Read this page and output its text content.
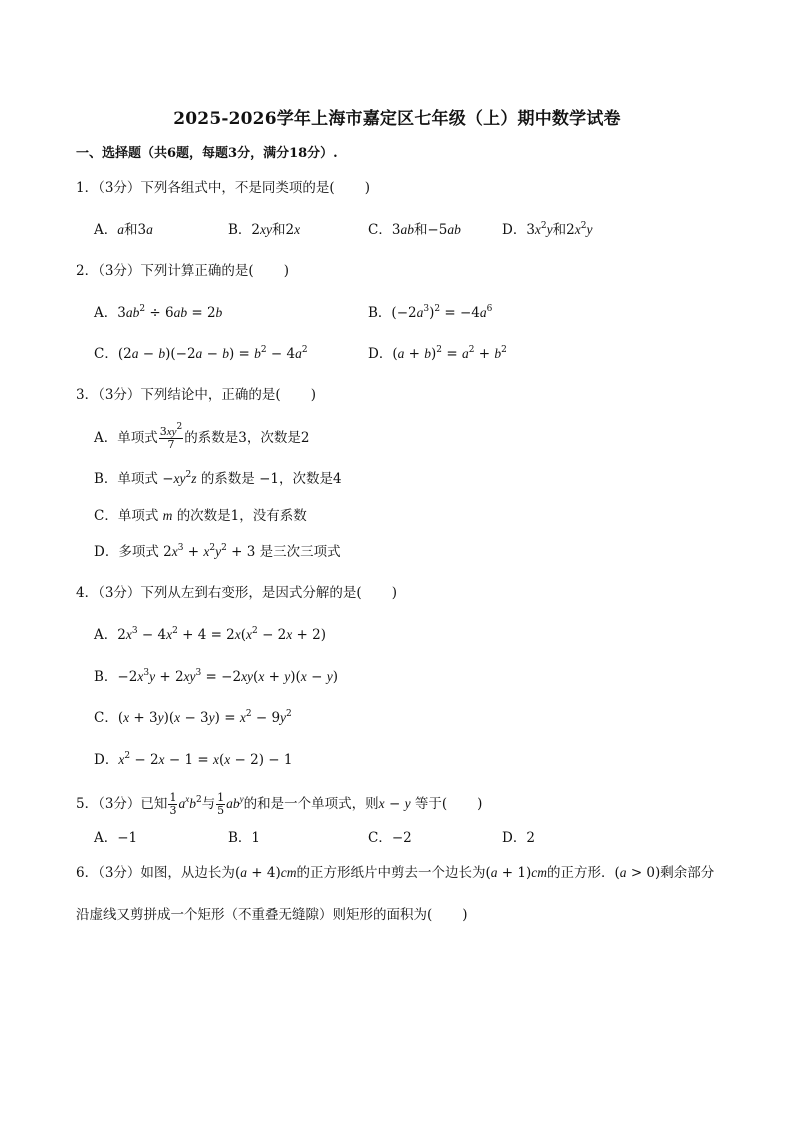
2025-2026学年上海市嘉定区七年级（上）期中数学试卷
一、选择题（共6题，每题3分，满分18分）.
1．（3分）下列各组式中，不是同类项的是( )
A．a和3a	B．2xy和2x	C．3ab和−5ab	D．$3x^2y$和$2x^2y$
2．（3分）下列计算正确的是( )
A．$3ab^2 \div 6ab = 2b$	B．$(-2a^3)^2 = -4a^6$
C．$(2a - b)(-2a - b) = b^2 - 4a^2$	D．$(a + b)^2 = a^2 + b^2$
3．（3分）下列结论中，正确的是( )
A．单项式 $\frac{3xy^2}{7}$ 的系数是3，次数是2
B．单项式 $-xy^2z$ 的系数是 −1，次数是4
C．单项式 m 的次数是1，没有系数
D．多项式 $2x^3 + x^2y^2 + 3$ 是三次三项式
4．（3分）下列从左到右变形，是因式分解的是( )
A．$2x^3 - 4x^2 + 4 = 2x(x^2 - 2x + 2)$
B．$-2x^3y + 2xy^3 = -2xy(x + y)(x - y)$
C．$(x + 3y)(x - 3y) = x^2 - 9y^2$
D．$x^2 - 2x - 1 = x(x - 2) - 1$
5．（3分）已知 $\frac{1}{3} a^xb^2$与 $\frac{1}{5} ab^y$的和是一个单项式，则x − y 等于( )
A．−1	B．1	C．−2	D．2
6．（3分）如图，从边长为(a + 4)cm的正方形纸片中剪去一个边长为(a + 1)cm的正方形．(a > 0)剩余部分
沿虚线又剪拼成一个矩形（不重叠无缝隙）则矩形的面积为( )
